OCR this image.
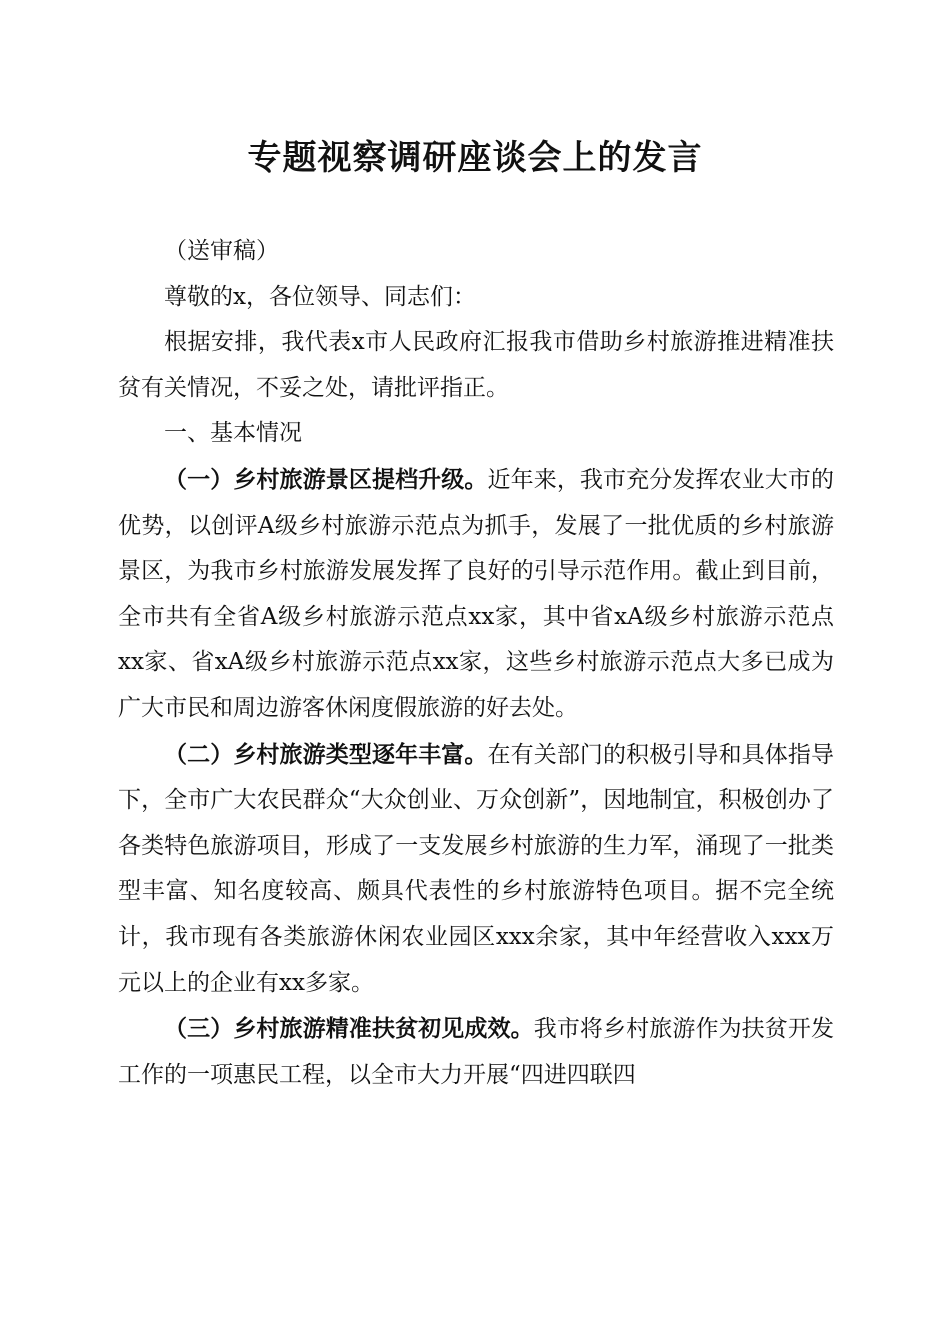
专题视察调研座谈会上的发言

（送审稿）

尊敬的x，各位领导、同志们：

根据安排，我代表x市人民政府汇报我市借助乡村旅游推进精准扶贫有关情况，不妥之处，请批评指正。

一、基本情况

（一）乡村旅游景区提档升级。近年来，我市充分发挥农业大市的优势，以创评A级乡村旅游示范点为抓手，发展了一批优质的乡村旅游景区，为我市乡村旅游发展发挥了良好的引导示范作用。截止到目前，全市共有全省A级乡村旅游示范点xx家，其中省xA级乡村旅游示范点xx家、省xA级乡村旅游示范点xx家，这些乡村旅游示范点大多已成为广大市民和周边游客休闲度假旅游的好去处。

（二）乡村旅游类型逐年丰富。在有关部门的积极引导和具体指导下，全市广大农民群众“大众创业、万众创新”，因地制宜，积极创办了各类特色旅游项目，形成了一支发展乡村旅游的生力军，涌现了一批类型丰富、知名度较高、颇具代表性的乡村旅游特色项目。据不完全统计，我市现有各类旅游休闲农业园区xxx余家，其中年经营收入xxx万元以上的企业有xx多家。

（三）乡村旅游精准扶贫初见成效。我市将乡村旅游作为扶贫开发工作的一项惠民工程，以全市大力开展“四进四联四
